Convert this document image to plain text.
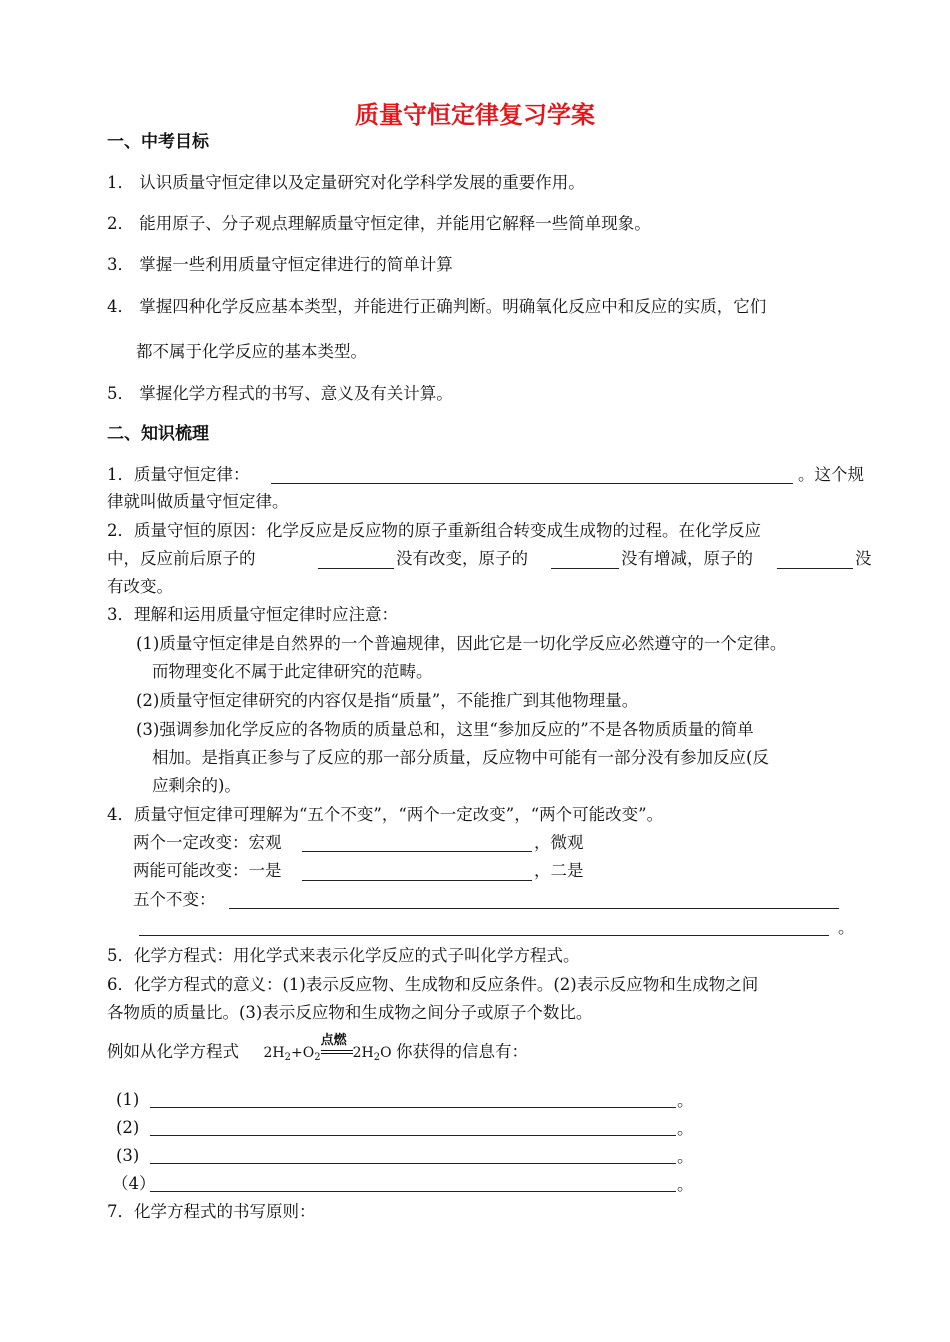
质量守恒定律复习学案
一、中考目标
1． 认识质量守恒定律以及定量研究对化学科学发展的重要作用。
2． 能用原子、分子观点理解质量守恒定律，并能用它解释一些简单现象。
3． 掌握一些利用质量守恒定律进行的简单计算
4． 掌握四种化学反应基本类型，并能进行正确判断。明确氧化反应中和反应的实质，它们
都不属于化学反应的基本类型。
5． 掌握化学方程式的书写、意义及有关计算。
二、知识梳理
1．质量守恒定律：	。这个规
律就叫做质量守恒定律。
2．质量守恒的原因：化学反应是反应物的原子重新组合转变成生成物的过程。在化学反应
中，反应前后原子的	没有改变，原子的	没有增减，原子的	没
有改变。
3．理解和运用质量守恒定律时应注意：
(1)质量守恒定律是自然界的一个普遍规律，因此它是一切化学反应必然遵守的一个定律。
而物理变化不属于此定律研究的范畴。
(2)质量守恒定律研究的内容仅是指“质量”，不能推广到其他物理量。
(3)强调参加化学反应的各物质的质量总和，这里“参加反应的”不是各物质质量的简单
相加。是指真正参与了反应的那一部分质量，反应物中可能有一部分没有参加反应(反
应剩余的)。
4．质量守恒定律可理解为“五个不变”，“两个一定改变”，“两个可能改变”。
两个一定改变：宏观	，微观
两能可能改变：一是	，二是
五个不变：
。
5．化学方程式：用化学式来表示化学反应的式子叫化学方程式。
6．化学方程式的意义：(1)表示反应物、生成物和反应条件。(2)表示反应物和生成物之间
各物质的质量比。(3)表示反应物和生成物之间分子或原子个数比。
例如从化学方程式 $2H_2+O_2$
点燃
$2H_2O$ 你获得的信息有：
(1)	。
(2)	。
(3)	。
（4）	。
7．化学方程式的书写原则：
